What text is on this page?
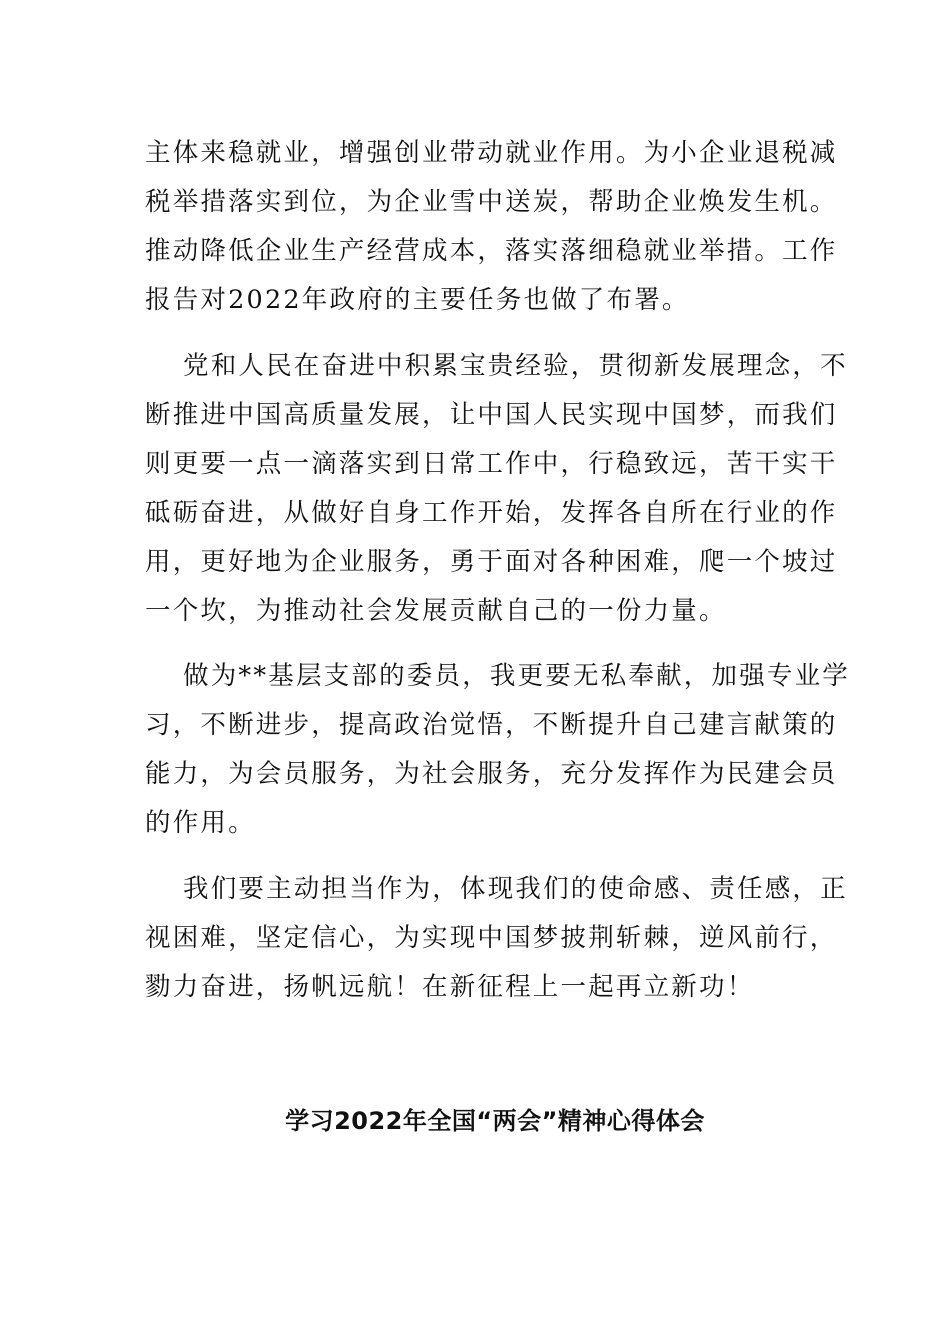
主体来稳就业，增强创业带动就业作用。为小企业退税减
税举措落实到位，为企业雪中送炭，帮助企业焕发生机。
推动降低企业生产经营成本，落实落细稳就业举措。工作
报告对2022年政府的主要任务也做了布署。
党和人民在奋进中积累宝贵经验，贯彻新发展理念，不
断推进中国高质量发展，让中国人民实现中国梦，而我们
则更要一点一滴落实到日常工作中，行稳致远，苦干实干
砥砺奋进，从做好自身工作开始，发挥各自所在行业的作
用，更好地为企业服务，勇于面对各种困难，爬一个坡过
一个坎，为推动社会发展贡献自己的一份力量。
做为**基层支部的委员，我更要无私奉献，加强专业学
习，不断进步，提高政治觉悟，不断提升自己建言献策的
能力，为会员服务，为社会服务，充分发挥作为民建会员
的作用。
我们要主动担当作为，体现我们的使命感、责任感，正
视困难，坚定信心，为实现中国梦披荆斩棘，逆风前行，
勠力奋进，扬帆远航！在新征程上一起再立新功！
学习2022年全国“两会”精神心得体会
